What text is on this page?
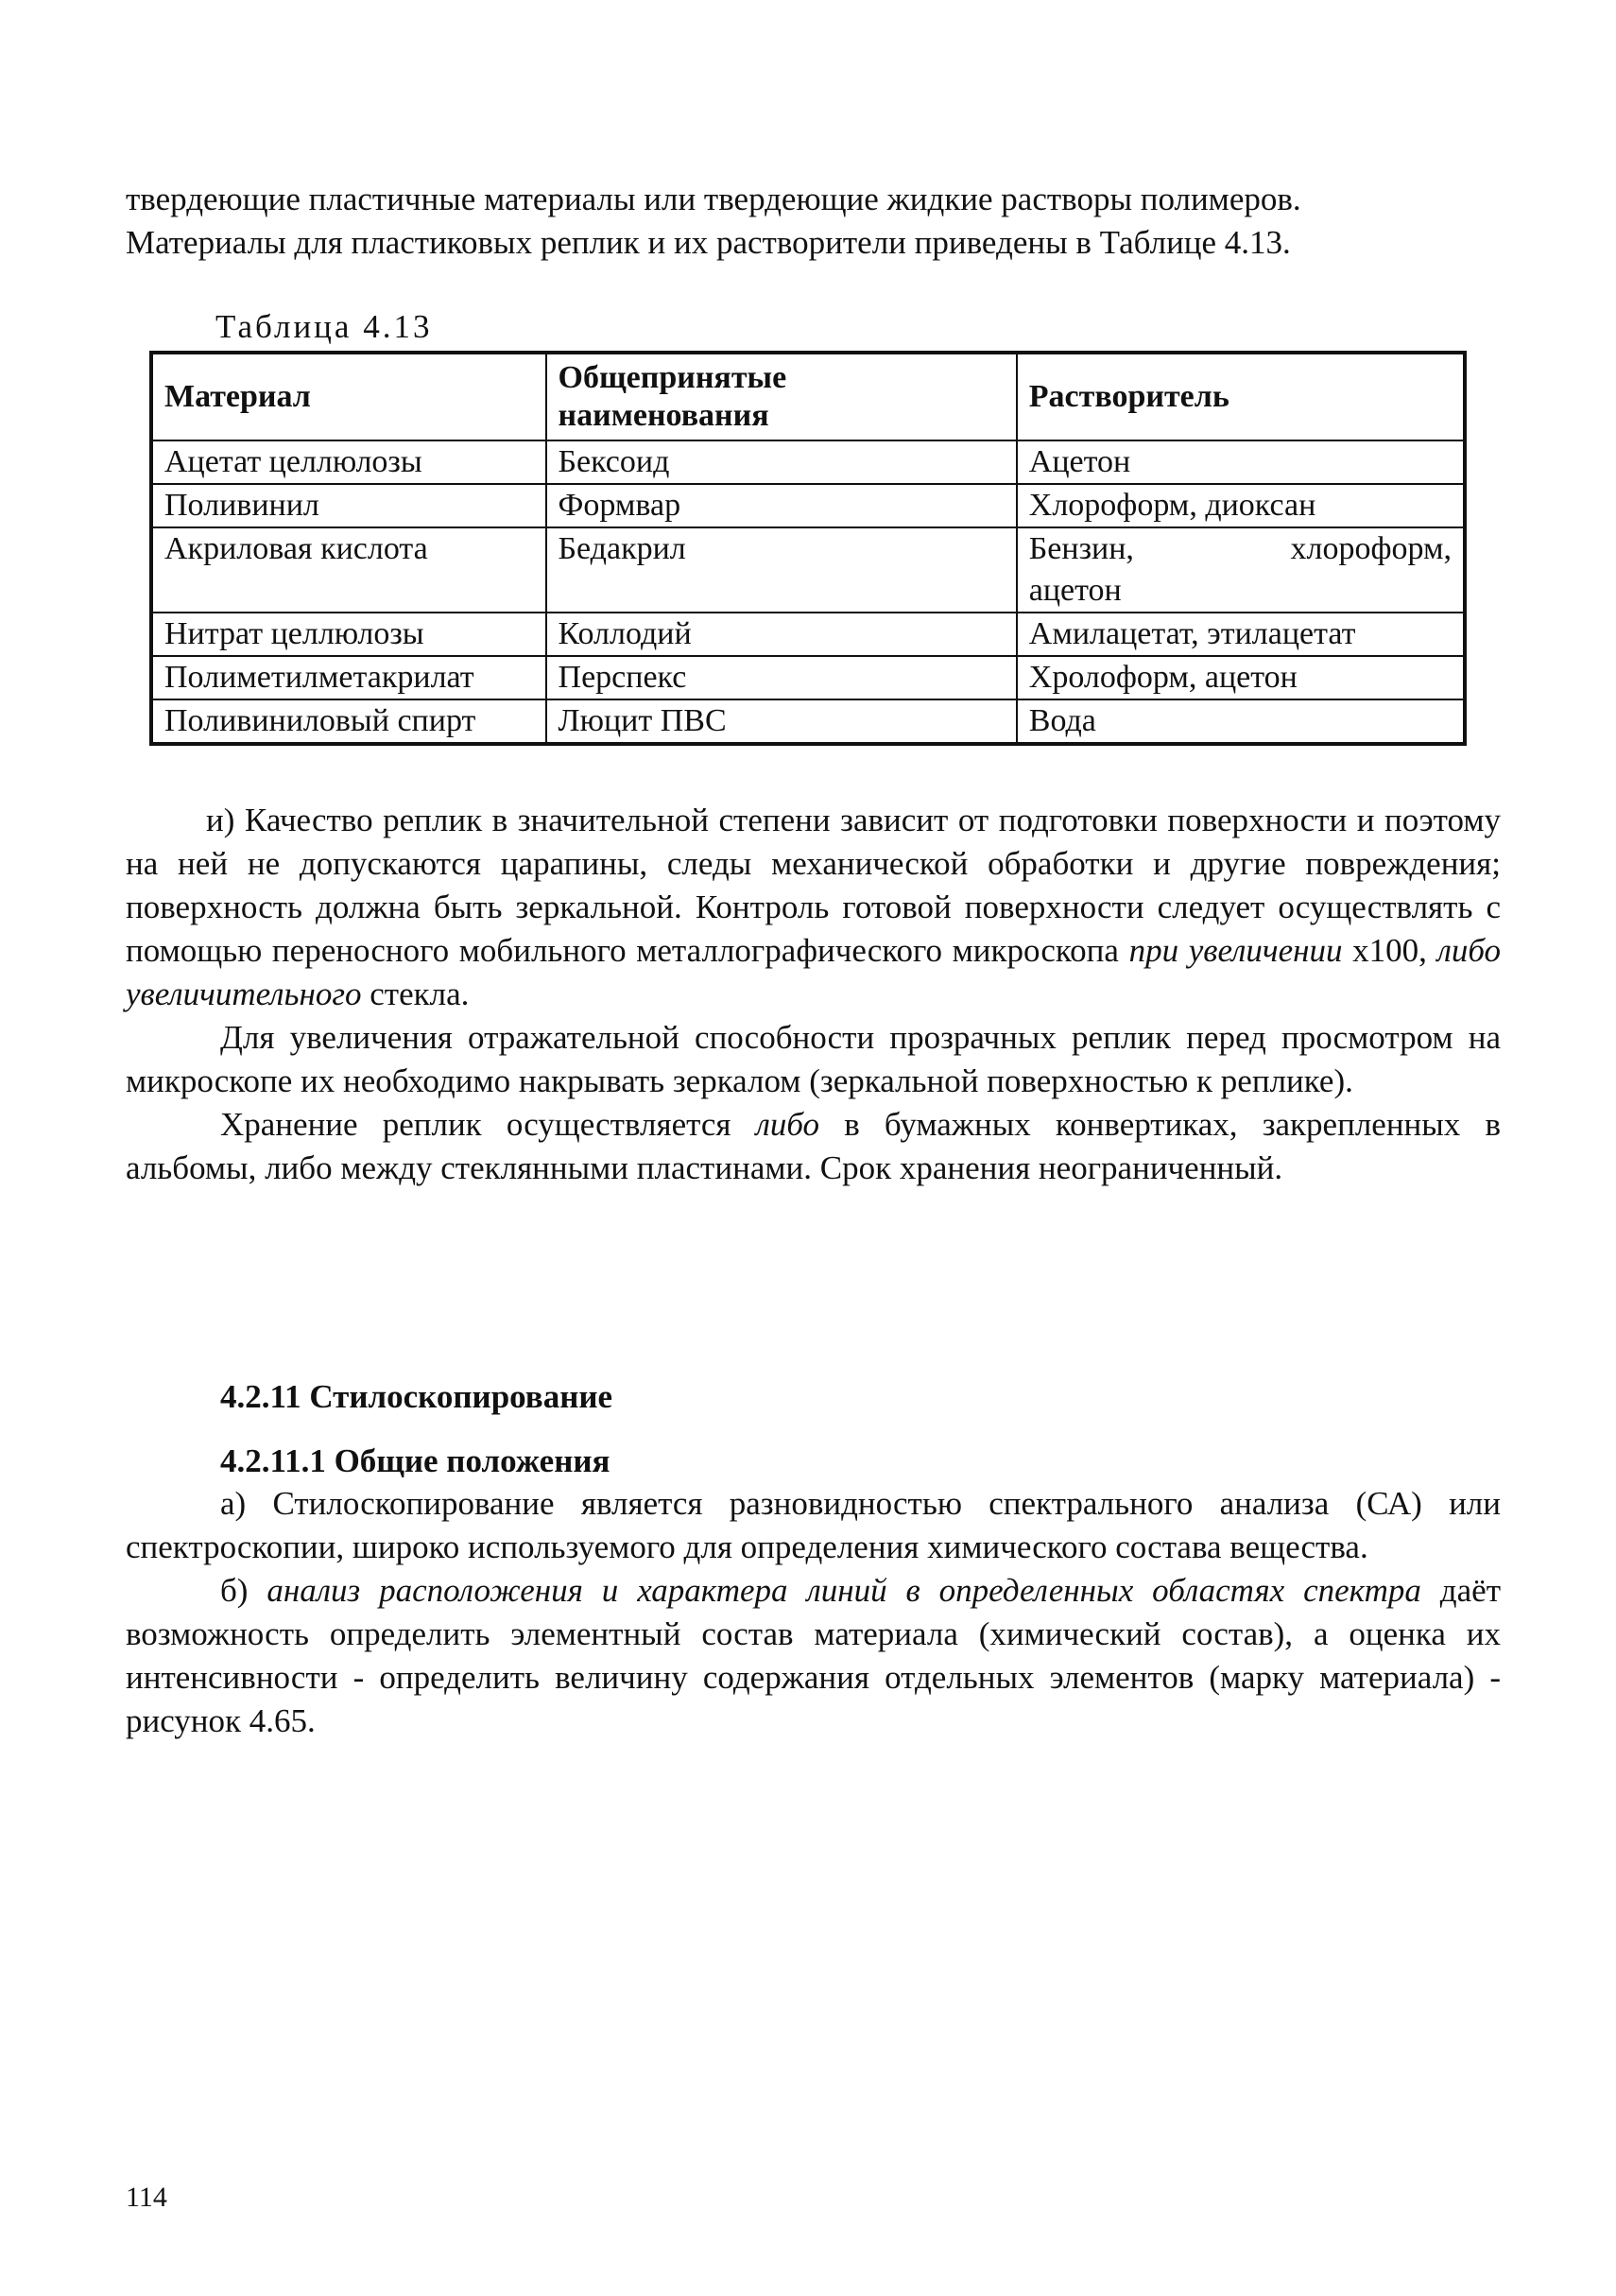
твердеющие пластичные материалы или твердеющие жидкие растворы полимеров.

Материалы для пластиковых реплик и их растворители приведены в Таблице 4.13.

Таблица 4.13
Материал	Общепринятые наименования	Растворитель
Ацетат целлюлозы	Бексоид	Ацетон
Поливинил	Формвар	Хлороформ, диоксан
Акриловая кислота	Бедакрил	Бензин, хлороформ,
ацетон

Нитрат целлюлозы	Коллодий	Амилацетат, этилацетат
Полиметилметакрилат	Перспекс	Хролоформ, ацетон
Поливиниловый спирт	Люцит ПВС	Вода

и) Качество реплик в значительной степени зависит от подготовки поверхности и поэтому на ней не допускаются царапины, следы механической обработки и другие повреждения; поверхность должна быть зеркальной. Контроль готовой поверхности следует осуществлять с помощью переносного мобильного металлографического микроскопа при увеличении х100, либо увеличительного стекла.

Для увеличения отражательной способности прозрачных реплик перед просмотром на микроскопе их необходимо накрывать зеркалом (зеркальной поверхностью к реплике).

Хранение реплик осуществляется либо в бумажных конвертиках, закрепленных в альбомы, либо между стеклянными пластинами. Срок хранения неограниченный.

4.2.11 Стилоскопирование
4.2.11.1 Общие положения

а) Стилоскопирование является разновидностью спектрального анализа (СА) или спектроскопии, широко используемого для определения химического состава вещества.

б) анализ расположения и характера линий в определенных областях спектра даёт возможность определить элементный состав материала (химический состав), а оценка их интенсивности - определить величину содержания отдельных элементов (марку материала) - рисунок 4.65.

114
